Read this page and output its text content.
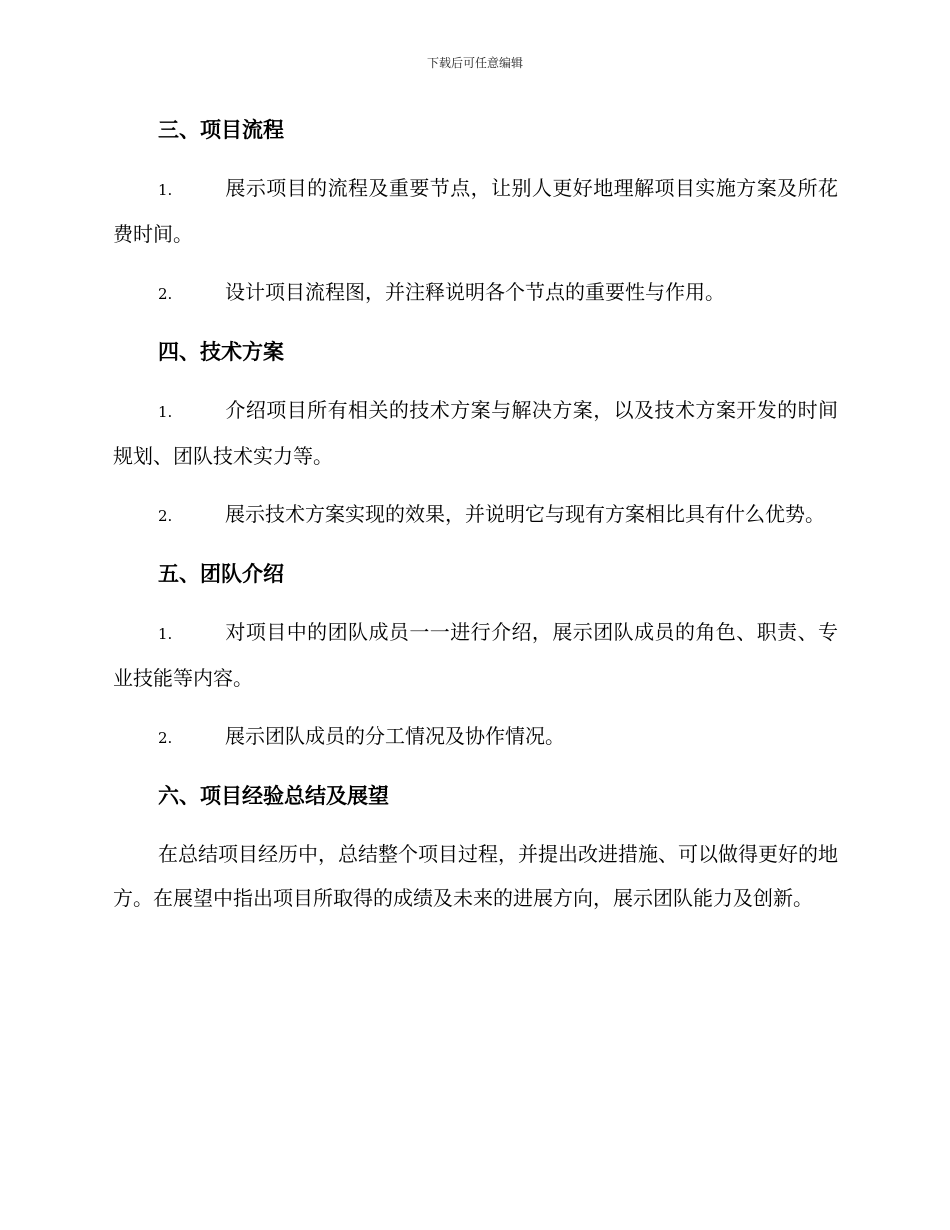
下载后可任意编辑
三、项目流程

1.	展示项目的流程及重要节点，让别人更好地理解项目实施方案及所花费时间。

2.	设计项目流程图，并注释说明各个节点的重要性与作用。

四、技术方案

1.	介绍项目所有相关的技术方案与解决方案，以及技术方案开发的时间规划、团队技术实力等。

2.	展示技术方案实现的效果，并说明它与现有方案相比具有什么优势。

五、团队介绍

1.	对项目中的团队成员一一进行介绍，展示团队成员的角色、职责、专业技能等内容。

2.	展示团队成员的分工情况及协作情况。

六、项目经验总结及展望

在总结项目经历中，总结整个项目过程，并提出改进措施、可以做得更好的地方。在展望中指出项目所取得的成绩及未来的进展方向，展示团队能力及创新。
